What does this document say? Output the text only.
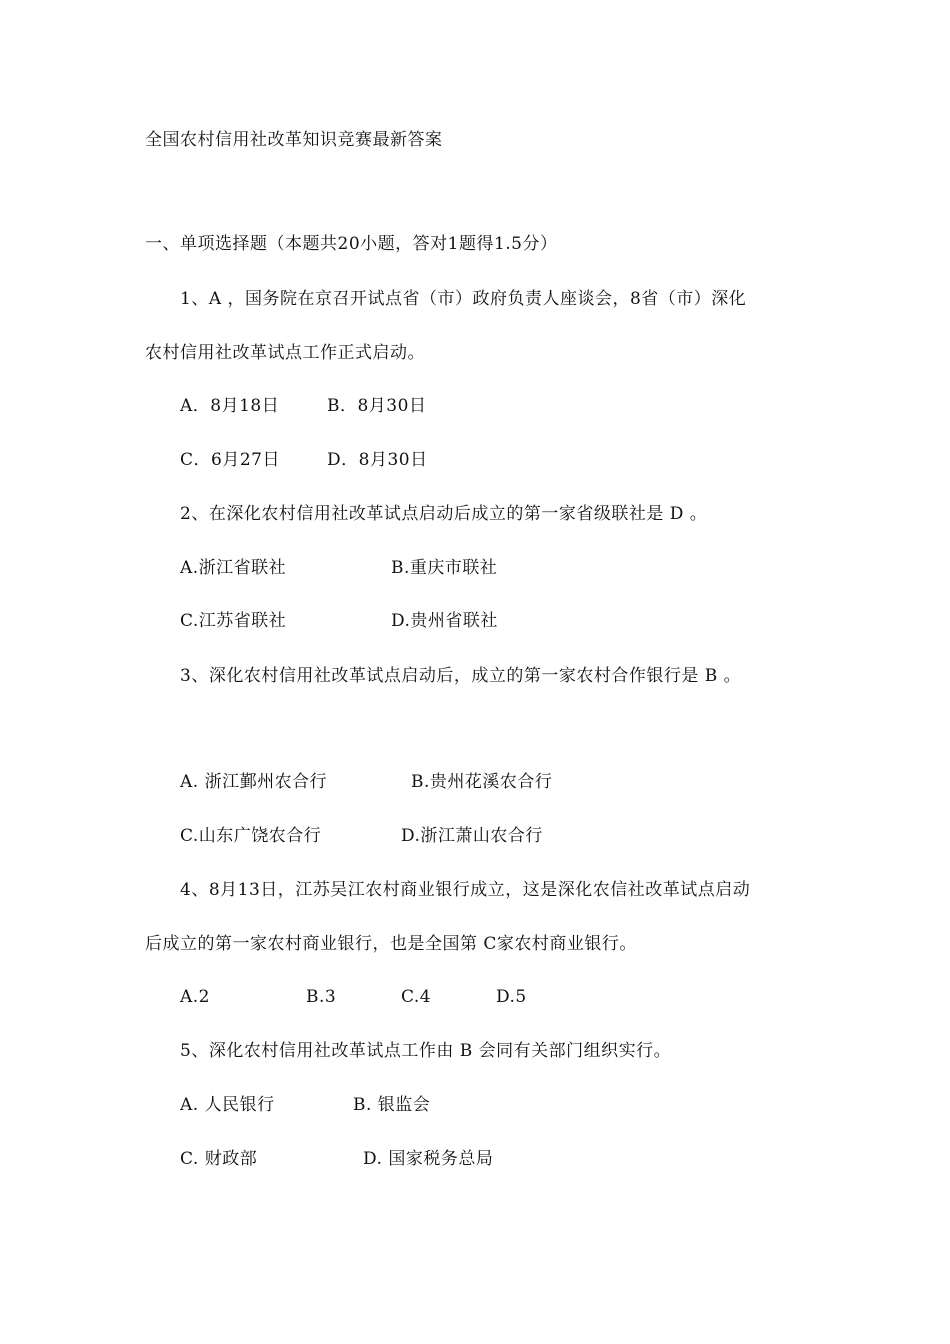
全国农村信用社改革知识竞赛最新答案
一、单项选择题（本题共20小题，答对1题得1.5分）
1、A ，国务院在京召开试点省（市）政府负责人座谈会，8省（市）深化
农村信用社改革试点工作正式启动。
A．8月18日	B．8月30日
C．6月27日	D．8月30日
2、在深化农村信用社改革试点启动后成立的第一家省级联社是 D 。
A.浙江省联社	B.重庆市联社
C.江苏省联社	D.贵州省联社
3、深化农村信用社改革试点启动后，成立的第一家农村合作银行是 B 。
A. 浙江鄞州农合行	B.贵州花溪农合行
C.山东广饶农合行	D.浙江萧山农合行
4、8月13日，江苏吴江农村商业银行成立，这是深化农信社改革试点启动
后成立的第一家农村商业银行，也是全国第 C家农村商业银行。
A.2	B.3	C.4	D.5
5、深化农村信用社改革试点工作由 B 会同有关部门组织实行。
A. 人民银行	B. 银监会
C. 财政部	D. 国家税务总局
